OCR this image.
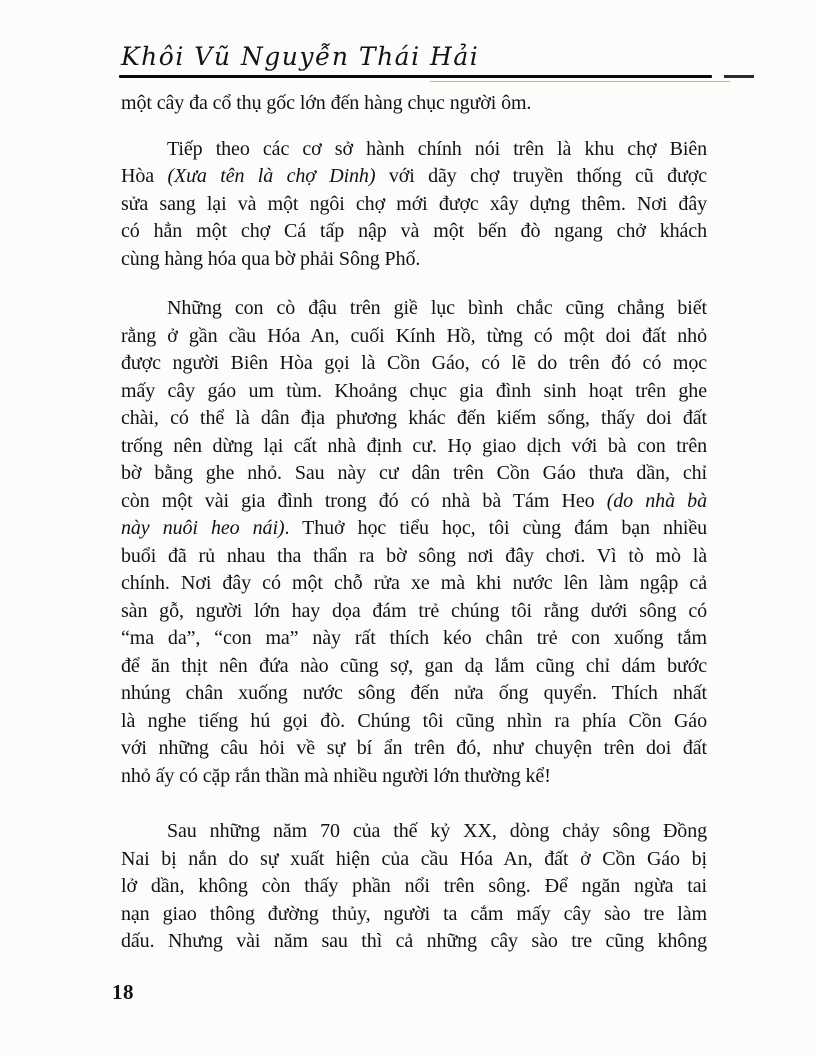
Khôi Vũ Nguyễn Thái Hải
một cây đa cổ thụ gốc lớn đến hàng chục người ôm.
Tiếp theo các cơ sở hành chính nói trên là khu chợ Biên
Hòa (Xưa tên là chợ Dinh) với dãy chợ truyền thống cũ được
sửa sang lại và một ngôi chợ mới được xây dựng thêm. Nơi đây
có hẳn một chợ Cá tấp nập và một bến đò ngang chở khách
cùng hàng hóa qua bờ phải Sông Phố.
Những con cò đậu trên giề lục bình chắc cũng chẳng biết
rằng ở gần cầu Hóa An, cuối Kính Hồ, từng có một doi đất nhỏ
được người Biên Hòa gọi là Cồn Gáo, có lẽ do trên đó có mọc
mấy cây gáo um tùm. Khoảng chục gia đình sinh hoạt trên ghe
chài, có thể là dân địa phương khác đến kiếm sống, thấy doi đất
trống nên dừng lại cất nhà định cư. Họ giao dịch với bà con trên
bờ bằng ghe nhỏ. Sau này cư dân trên Cồn Gáo thưa dần, chỉ
còn một vài gia đình trong đó có nhà bà Tám Heo (do nhà bà
này nuôi heo nái). Thuở học tiểu học, tôi cùng đám bạn nhiều
buổi đã rủ nhau tha thẩn ra bờ sông nơi đây chơi. Vì tò mò là
chính. Nơi đây có một chỗ rửa xe mà khi nước lên làm ngập cả
sàn gỗ, người lớn hay dọa đám trẻ chúng tôi rằng dưới sông có
“ma da”, “con ma” này rất thích kéo chân trẻ con xuống tắm
để ăn thịt nên đứa nào cũng sợ, gan dạ lắm cũng chỉ dám bước
nhúng chân xuống nước sông đến nửa ống quyển. Thích nhất
là nghe tiếng hú gọi đò. Chúng tôi cũng nhìn ra phía Cồn Gáo
với những câu hỏi về sự bí ẩn trên đó, như chuyện trên doi đất
nhỏ ấy có cặp rắn thần mà nhiều người lớn thường kể!
Sau những năm 70 của thế kỷ XX, dòng chảy sông Đồng
Nai bị nắn do sự xuất hiện của cầu Hóa An, đất ở Cồn Gáo bị
lở dần, không còn thấy phần nổi trên sông. Để ngăn ngừa tai
nạn giao thông đường thủy, người ta cắm mấy cây sào tre làm
dấu. Nhưng vài năm sau thì cả những cây sào tre cũng không
18
